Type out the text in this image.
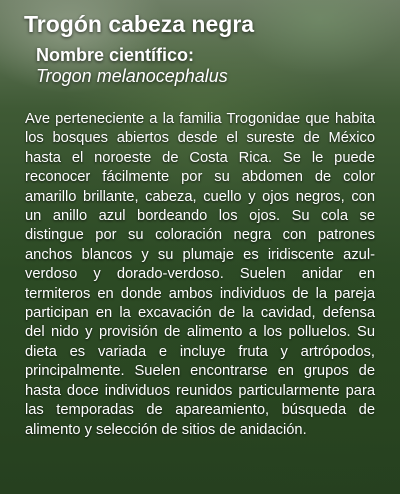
Trogón cabeza negra

Nombre científico:

Trogon melanocephalus

Ave perteneciente a la familia Trogonidae que habita los bosques abiertos desde el sureste de México hasta el noroeste de Costa Rica. Se le puede reconocer fácilmente por su abdomen de color amarillo brillante, cabeza, cuello y ojos negros, con un anillo azul bordeando los ojos. Su cola se distingue por su coloración negra con patrones anchos blancos y su plumaje es iridiscente azul-verdoso y dorado-verdoso. Suelen anidar en termiteros en donde ambos individuos de la pareja participan en la excavación de la cavidad, defensa del nido y provisión de alimento a los polluelos. Su dieta es variada e incluye fruta y artrópodos, principalmente. Suelen encontrarse en grupos de hasta doce individuos reunidos particularmente para las temporadas de apareamiento, búsqueda de alimento y selección de sitios de anidación.
